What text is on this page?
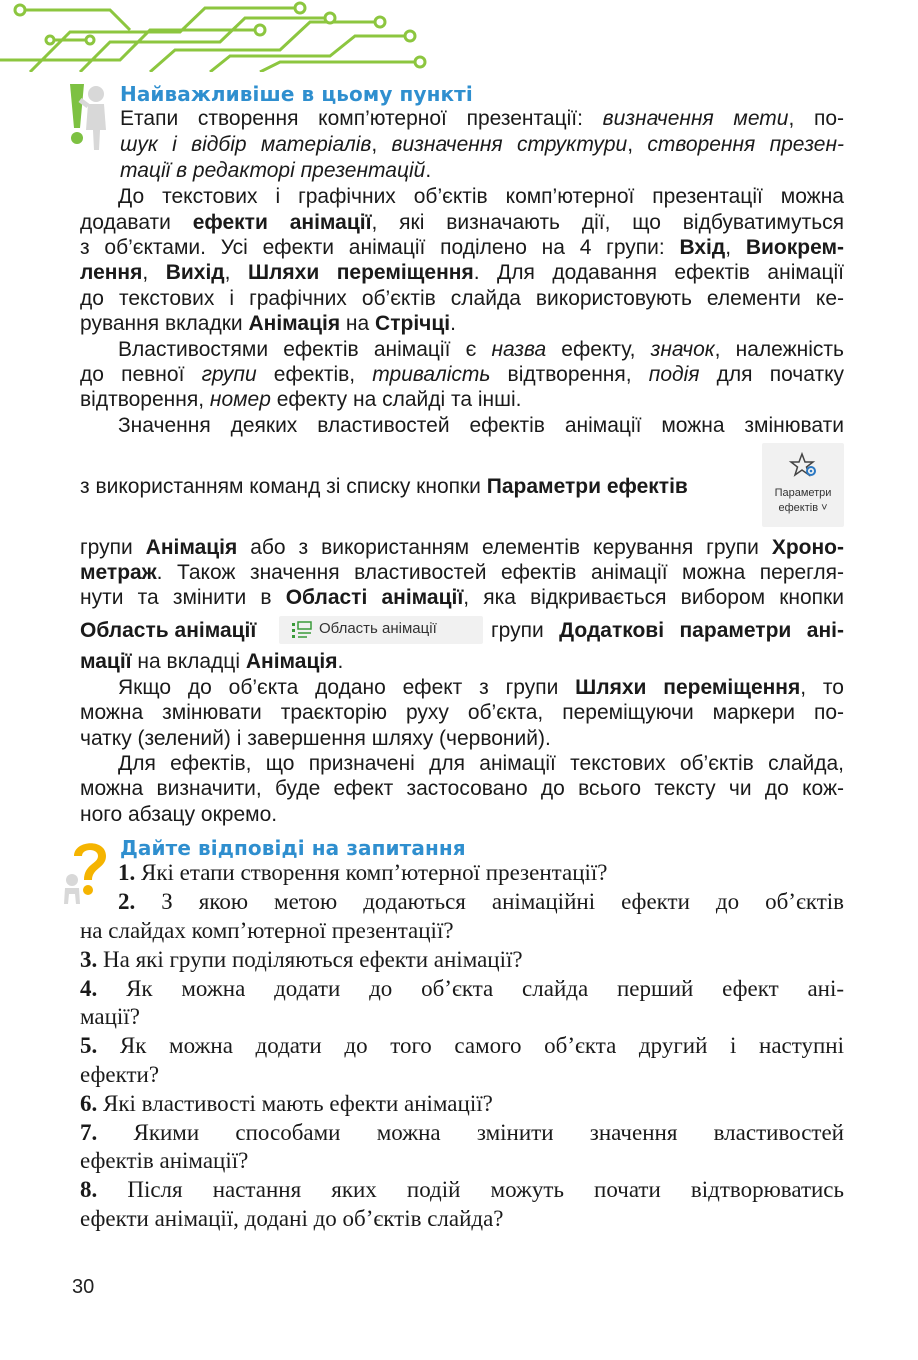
Найважливіше в цьому пункті
Етапи створення комп’ютерної презентації: визначення мети, по-
шук і відбір матеріалів, визначення структури, створення презен-
тації в редакторі презентацій.
До текстових і графічних об’єктів комп’ютерної презентації можна
додавати ефекти анімації, які визначають дії, що відбуватимуться
з об’єктами. Усі ефекти анімації поділено на 4 групи: Вхід, Виокрем-
лення, Вихід, Шляхи переміщення. Для додавання ефектів анімації
до текстових і графічних об’єктів слайда використовують елементи ке-
рування вкладки Анімація на Стрічці.
Властивостями ефектів анімації є назва ефекту, значок, належність
до певної групи ефектів, тривалість відтворення, подія для початку
відтворення, номер ефекту на слайді та інші.
Значення деяких властивостей ефектів анімації можна змінювати
з використанням команд зі списку кнопки Параметри ефектів	Параметри
ефектів ˅
групи Анімація або з використанням елементів керування групи Хроно-
метраж. Також значення властивостей ефектів анімації можна перегля-
нути та змінити в Області анімації, яка відкривається вибором кнопки
Область анімації	Область анімації	групи Додаткові параметри ані-
мації на вкладці Анімація.
Якщо до об’єкта додано ефект з групи Шляхи переміщення, то
можна змінювати траєкторію руху об’єкта, переміщуючи маркери по-
чатку (зелений) і завершення шляху (червоний).
Для ефектів, що призначені для анімації текстових об’єктів слайда,
можна визначити, буде ефект застосовано до всього тексту чи до кож-
ного абзацу окремо.
Дайте відповіді на запитання
1. Які етапи створення комп’ютерної презентації?
2. З якою метою додаються анімаційні ефекти до об’єктів
на слайдах комп’ютерної презентації?
3. На які групи поділяються ефекти анімації?
4. Як можна додати до об’єкта слайда перший ефект ані-
мації?
5. Як можна додати до того самого об’єкта другий і наступні
ефекти?
6. Які властивості мають ефекти анімації?
7. Якими способами можна змінити значення властивостей
ефектів анімації?
8. Після настання яких подій можуть почати відтворюватись
ефекти анімації, додані до об’єктів слайда?
30
